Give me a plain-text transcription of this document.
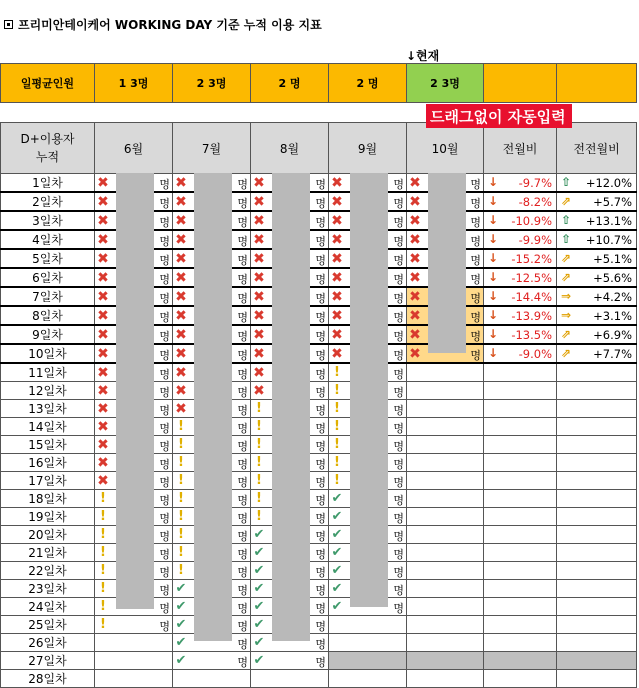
프리미안테이케어 WORKING DAY 기준 누적 이용 지표
↓현재
드래그없이 자동입력
일평균인원	1 3명	2 3명	2 명	2 명	2 3명		
D+이용자
누적	6월	7월	8월	9월	10월	전월비	전전월비
1일차	✖ 명	✖ 명	✖ 명	✖ 명	✖ 명	↓ -9.7%	⇧ +12.0%

2일차	✖ 명	✖ 명	✖ 명	✖ 명	✖ 명	↓ -8.2%	⇗ +5.7%

3일차	✖ 명	✖ 명	✖ 명	✖ 명	✖ 명	↓ -10.9%	⇧ +13.1%

4일차	✖ 명	✖ 명	✖ 명	✖ 명	✖ 명	↓ -9.9%	⇧ +10.7%

5일차	✖ 명	✖ 명	✖ 명	✖ 명	✖ 명	↓ -15.2%	⇗ +5.1%

6일차	✖ 명	✖ 명	✖ 명	✖ 명	✖ 명	↓ -12.5%	⇗ +5.6%

7일차	✖ 명	✖ 명	✖ 명	✖ 명	✖ 명	↓ -14.4%	⇒ +4.2%

8일차	✖ 명	✖ 명	✖ 명	✖ 명	✖ 명	↓ -13.9%	⇒ +3.1%

9일차	✖ 명	✖ 명	✖ 명	✖ 명	✖ 명	↓ -13.5%	⇗ +6.9%

10일차	✖ 명	✖ 명	✖ 명	✖ 명	✖ 명	↓ -9.0%	⇗ +7.7%

11일차	✖ 명	✖ 명	✖ 명	! 명			

12일차	✖ 명	✖ 명	✖ 명	! 명			

13일차	✖ 명	✖ 명	! 명	! 명			

14일차	✖ 명	! 명	! 명	! 명			

15일차	✖ 명	! 명	! 명	! 명			

16일차	✖ 명	! 명	! 명	! 명			

17일차	✖ 명	! 명	! 명	! 명			

18일차	! 명	! 명	! 명	✔ 명			

19일차	! 명	! 명	! 명	✔ 명			

20일차	! 명	! 명	✔ 명	✔ 명			

21일차	! 명	! 명	✔ 명	✔ 명			

22일차	! 명	! 명	✔ 명	✔ 명			

23일차	! 명	✔ 명	✔ 명	✔ 명			

24일차	! 명	✔ 명	✔ 명	✔ 명			

25일차	! 명	✔ 명	✔ 명				

26일차		✔ 명	✔ 명				

27일차		✔ 명	✔ 명				

28일차							
